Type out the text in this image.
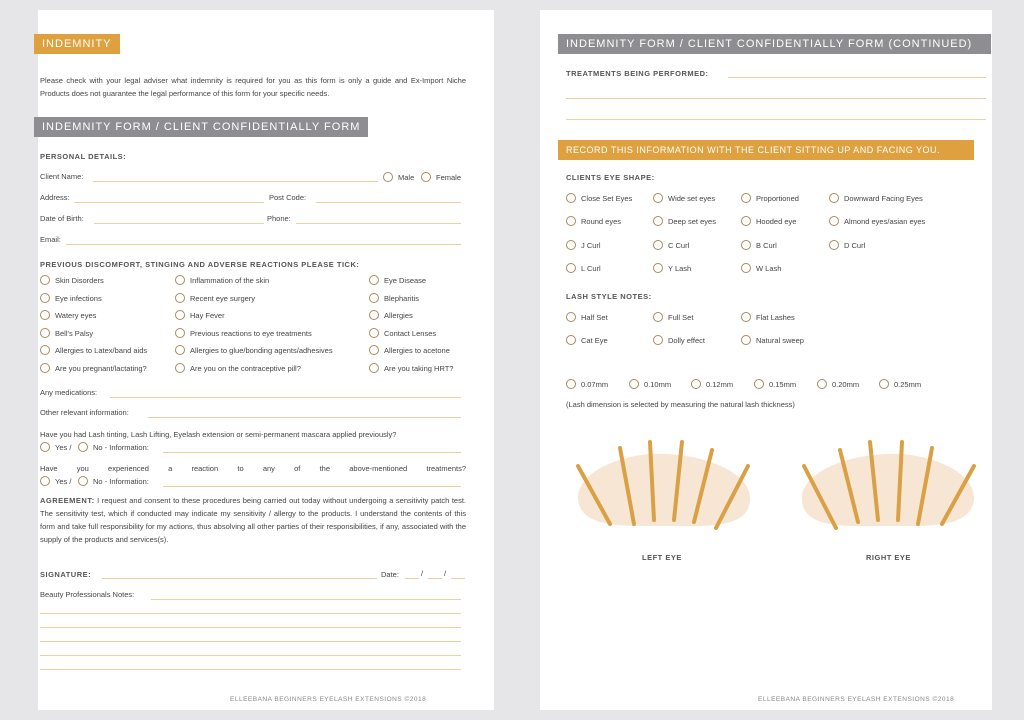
INDEMNITY
Please check with your legal adviser what indemnity is required for you as this form is only a guide and Ex-Import Niche Products does not guarantee the legal performance of this form for your specific needs.
INDEMNITY FORM / CLIENT CONFIDENTIALLY FORM
PERSONAL DETAILS:
Client Name:	Male	Female
Address:	Post Code:
Date of Birth:	Phone:
Email:
PREVIOUS DISCOMFORT, STINGING AND ADVERSE REACTIONS PLEASE TICK:
Skin Disorders	Inflammation of the skin	Eye Disease
Eye infections	Recent eye surgery	Blepharitis
Watery eyes	Hay Fever	Allergies
Bell's Palsy	Previous reactions to eye treatments	Contact Lenses
Allergies to Latex/band aids	Allergies to glue/bonding agents/adhesives	Allergies to acetone
Are you pregnant/lactating?	Are you on the contraceptive pill?	Are you taking HRT?
Any medications:
Other relevant information:
Have you had Lash tinting, Lash Lifting, Eyelash extension or semi-permanent mascara applied previously?
Yes /	No - Information:
Have you experienced a reaction to any of the above-mentioned treatments?
Yes /	No - Information:
AGREEMENT: I request and consent to these procedures being carried out today without undergoing a sensitivity patch test. The sensitivity test, which if conducted may indicate my sensitivity / allergy to the products. I understand the contents of this form and take full responsibility for my actions, thus absolving all other parties of their responsibilities, if any, associated with the supply of the products and services(s).
SIGNATURE:	Date:	/	/
Beauty Professionals Notes:
ELLEEBANA BEGINNERS EYELASH EXTENSIONS ©2018
INDEMNITY FORM / CLIENT CONFIDENTIALLY FORM (CONTINUED)
TREATMENTS BEING PERFORMED:
RECORD THIS INFORMATION WITH THE CLIENT SITTING UP AND FACING YOU.
CLIENTS EYE SHAPE:
Close Set Eyes	Wide set eyes	Proportioned	Downward Facing Eyes
Round eyes	Deep set eyes	Hooded eye	Almond eyes/asian eyes
J Curl	C Curl	B Curl	D Curl
L Curl	Y Lash	W Lash
LASH STYLE NOTES:
Half Set	Full Set	Flat Lashes
Cat Eye	Dolly effect	Natural sweep
0.07mm	0.10mm	0.12mm	0.15mm	0.20mm	0.25mm
(Lash dimension is selected by measuring the natural lash thickness)
LEFT EYE	RIGHT EYE
ELLEEBANA BEGINNERS EYELASH EXTENSIONS ©2018
